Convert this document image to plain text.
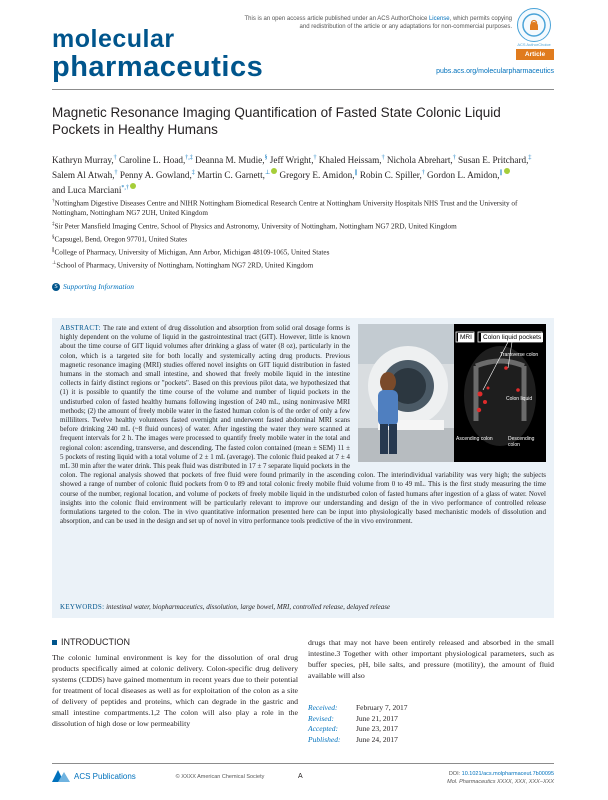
molecular
pharmaceutics
This is an open access article published under an ACS AuthorChoice License, which permits copying and redistribution of the article or any adaptations for non-commercial purposes.
ACS AuthorChoice
Article
pubs.acs.org/molecularpharmaceutics
Magnetic Resonance Imaging Quantification of Fasted State Colonic Liquid Pockets in Healthy Humans
Kathryn Murray,† Caroline L. Hoad,†,‡ Deanna M. Mudie,§ Jeff Wright,† Khaled Heissam,† Nichola Abrehart,† Susan E. Pritchard,‡ Salem Al Atwah,† Penny A. Gowland,‡ Martin C. Garnett,⊥ Gregory E. Amidon,∥ Robin C. Spiller,† Gordon L. Amidon,∥ and Luca Marciani*,†

†Nottingham Digestive Diseases Centre and NIHR Nottingham Biomedical Research Centre at Nottingham University Hospitals NHS Trust and the University of Nottingham, Nottingham NG7 2UH, United Kingdom

‡Sir Peter Mansfield Imaging Centre, School of Physics and Astronomy, University of Nottingham, Nottingham NG7 2RD, United Kingdom

§Capsugel, Bend, Oregon 97701, United States

∥College of Pharmacy, University of Michigan, Ann Arbor, Michigan 48109-1065, United States

⊥School of Pharmacy, University of Nottingham, Nottingham NG7 2RD, United Kingdom

S Supporting Information
MRI	Colon liquid pockets
Transverse colon
Colon liquid
Ascending colon	Descending colon
ABSTRACT: The rate and extent of drug dissolution and absorption from solid oral dosage forms is highly dependent on the volume of liquid in the gastrointestinal tract (GIT). However, little is known about the time course of GIT liquid volumes after drinking a glass of water (8 oz), particularly in the colon, which is a targeted site for both locally and systemically acting drug products. Previous magnetic resonance imaging (MRI) studies offered novel insights on GIT liquid distribution in fasted humans in the stomach and small intestine, and showed that freely mobile liquid in the intestine collects in fairly distinct regions or "pockets". Based on this previous pilot data, we hypothesized that (1) it is possible to quantify the time course of the volume and number of liquid pockets in the undisturbed colon of fasted healthy humans following ingestion of 240 mL, using noninvasive MRI methods; (2) the amount of freely mobile water in the fasted human colon is of the order of only a few milliliters. Twelve healthy volunteers fasted overnight and underwent fasted abdominal MRI scans before drinking 240 mL (~8 fluid ounces) of water. After ingesting the water they were scanned at frequent intervals for 2 h. The images were processed to quantify freely mobile water in the total and regional colon: ascending, transverse, and descending. The fasted colon contained (mean ± SEM) 11 ± 5 pockets of resting liquid with a total volume of 2 ± 1 mL (average). The colonic fluid peaked at 7 ± 4 mL 30 min after the water drink. This peak fluid was distributed in 17 ± 7 separate liquid pockets in the colon. The regional analysis showed that pockets of free fluid were found primarily in the ascending colon. The interindividual variability was very high; the subjects showed a range of number of colonic fluid pockets from 0 to 89 and total colonic freely mobile fluid volume from 0 to 49 mL. This is the first study measuring the time course of the number, regional location, and volume of pockets of freely mobile liquid in the undisturbed colon of fasted humans after ingestion of a glass of water. Novel insights into the colonic fluid environment will be particularly relevant to improve our understanding and design of the in vivo performance of controlled release formulations targeted to the colon. The in vivo quantitative information presented here can be input into physiologically based mechanistic models of dissolution and absorption, and can be used in the design and set up of novel in vitro performance tools predictive of the in vivo environment.
KEYWORDS: intestinal water, biopharmaceutics, dissolution, large bowel, MRI, controlled release, delayed release
INTRODUCTION

The colonic luminal environment is key for the dissolution of oral drug products specifically aimed at colonic delivery. Colon-specific drug delivery systems (CDDS) have gained momentum in recent years due to their potential for treatment of local diseases as well as for exploitation of the colon as a site of delivery of peptides and proteins, which can degrade in the gastric and small intestine compartments.1,2 The colon will also play a role in the dissolution of high dose or low permeability

drugs that may not have been entirely released and absorbed in the small intestine.3 Together with other important physiological parameters, such as buffer species, pH, bile salts, and pressure (motility), the amount of fluid available will also

Received:	February 7, 2017
Revised:	June 21, 2017
Accepted:	June 23, 2017
Published:	June 24, 2017
ACS Publications	© XXXX American Chemical Society	A	DOI: 10.1021/acs.molpharmaceut.7b00095
Mol. Pharmaceutics XXXX, XXX, XXX−XXX
